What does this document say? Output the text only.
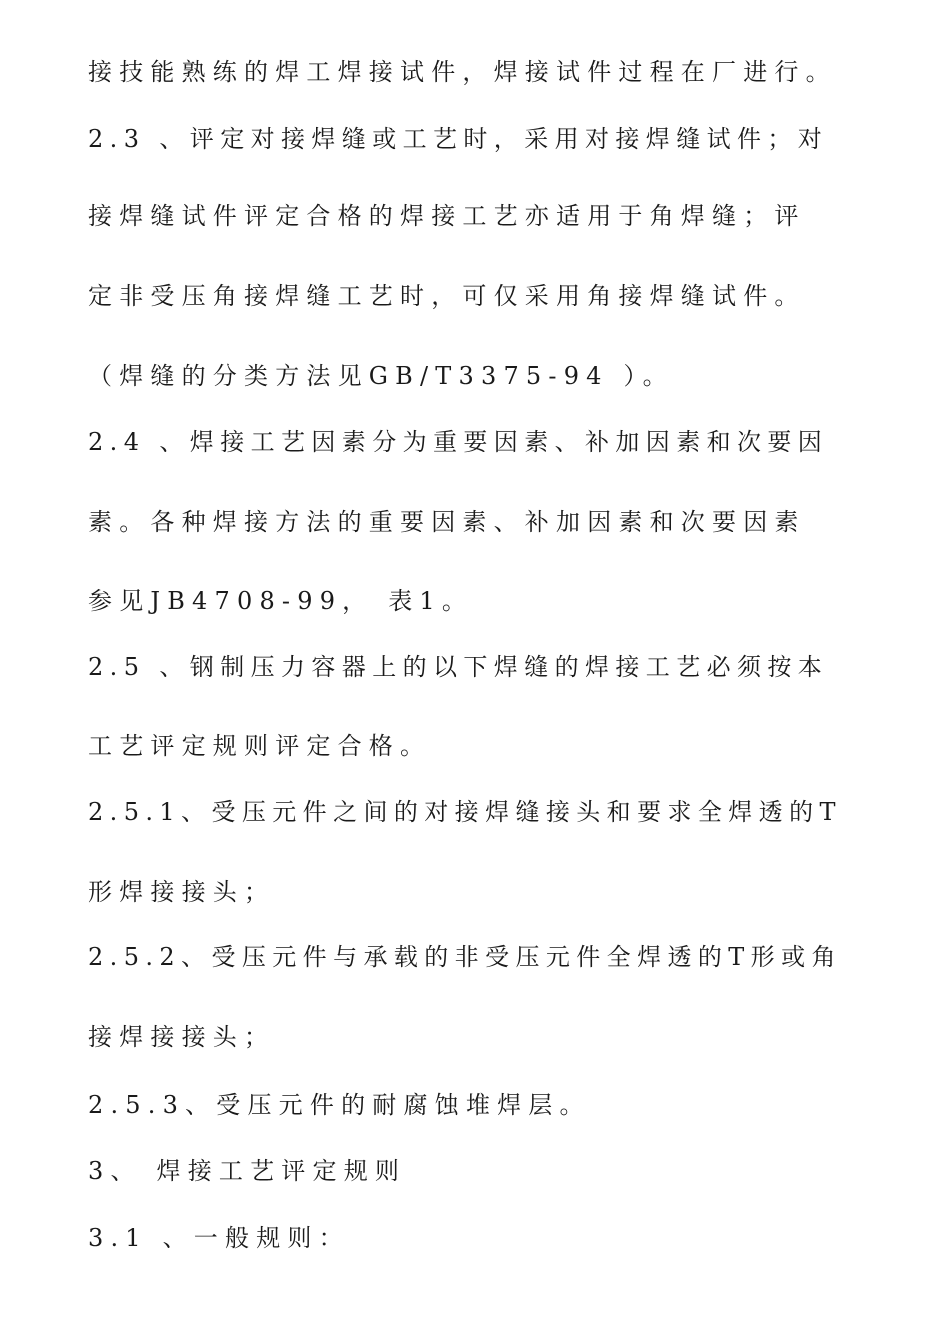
接技能熟练的焊工焊接试件，焊接试件过程在厂进行。
2.3 、评定对接焊缝或工艺时，采用对接焊缝试件；对
接焊缝试件评定合格的焊接工艺亦适用于角焊缝；评
定非受压角接焊缝工艺时，可仅采用角接焊缝试件。
（焊缝的分类方法见GB/T3375-94 ）。
2.4 、焊接工艺因素分为重要因素、补加因素和次要因
素。各种焊接方法的重要因素、补加因素和次要因素
参见JB4708-99， 表1。
2.5 、钢制压力容器上的以下焊缝的焊接工艺必须按本
工艺评定规则评定合格。
2.5.1、受压元件之间的对接焊缝接头和要求全焊透的T
形焊接接头；
2.5.2、受压元件与承载的非受压元件全焊透的T形或角
接焊接接头；
2.5.3、受压元件的耐腐蚀堆焊层。
3、 焊接工艺评定规则
3.1 、一般规则：
